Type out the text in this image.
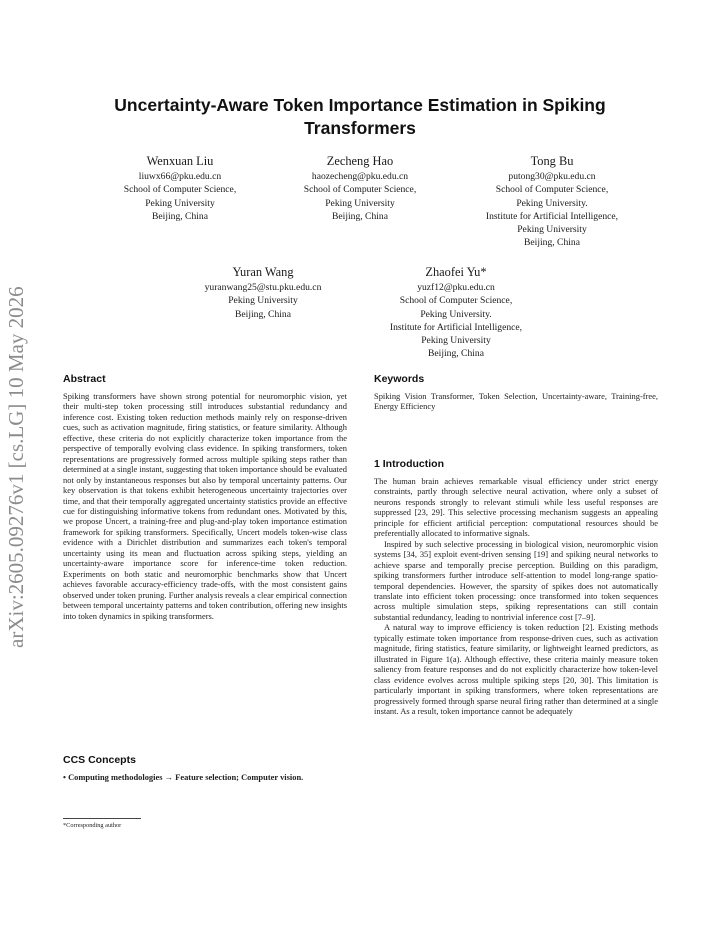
Uncertainty-Aware Token Importance Estimation in Spiking Transformers
Wenxuan Liu
liuwx66@pku.edu.cn
School of Computer Science,
Peking University
Beijing, China
Zecheng Hao
haozecheng@pku.edu.cn
School of Computer Science,
Peking University
Beijing, China
Tong Bu
putong30@pku.edu.cn
School of Computer Science,
Peking University.
Institute for Artificial Intelligence,
Peking University
Beijing, China
Yuran Wang
yuranwang25@stu.pku.edu.cn
Peking University
Beijing, China
Zhaofei Yu*
yuzf12@pku.edu.cn
School of Computer Science,
Peking University.
Institute for Artificial Intelligence,
Peking University
Beijing, China
arXiv:2605.09276v1 [cs.LG] 10 May 2026	Abstract

Spiking transformers have shown strong potential for neuromorphic vision, yet their multi-step token processing still introduces substantial redundancy and inference cost. Existing token reduction methods mainly rely on response-driven cues, such as activation magnitude, firing statistics, or feature similarity. Although effective, these criteria do not explicitly characterize token importance from the perspective of temporally evolving class evidence. In spiking transformers, token representations are progressively formed across multiple spiking steps rather than determined at a single instant, suggesting that token importance should be evaluated not only by instantaneous responses but also by temporal uncertainty patterns. Our key observation is that tokens exhibit heterogeneous uncertainty trajectories over time, and that their temporally aggregated uncertainty statistics provide an effective cue for distinguishing informative tokens from redundant ones. Motivated by this, we propose Uncert, a training-free and plug-and-play token importance estimation framework for spiking transformers. Specifically, Uncert models token-wise class evidence with a Dirichlet distribution and summarizes each token's temporal uncertainty using its mean and fluctuation across spiking steps, yielding an uncertainty-aware importance score for inference-time token reduction. Experiments on both static and neuromorphic benchmarks show that Uncert achieves favorable accuracy-efficiency trade-offs, with the most consistent gains observed under token pruning. Further analysis reveals a clear empirical connection between temporal uncertainty patterns and token contribution, offering new insights into token dynamics in spiking transformers.

CCS Concepts

• Computing methodologies → Feature selection; Computer vision.

*Corresponding author
Keywords

Spiking Vision Transformer, Token Selection, Uncertainty-aware, Training-free, Energy Efficiency

1 Introduction

The human brain achieves remarkable visual efficiency under strict energy constraints, partly through selective neural activation, where only a subset of neurons responds strongly to relevant stimuli while less useful responses are suppressed [23, 29]. This selective processing mechanism suggests an appealing principle for efficient artificial perception: computational resources should be preferentially allocated to informative signals.

Inspired by such selective processing in biological vision, neuromorphic vision systems [34, 35] exploit event-driven sensing [19] and spiking neural networks to achieve sparse and temporally precise perception. Building on this paradigm, spiking transformers further introduce self-attention to model long-range spatio-temporal dependencies. However, the sparsity of spikes does not automatically translate into efficient token processing: once transformed into token sequences across multiple simulation steps, spiking representations can still contain substantial redundancy, leading to nontrivial inference cost [7–9].

A natural way to improve efficiency is token reduction [2]. Existing methods typically estimate token importance from response-driven cues, such as activation magnitude, firing statistics, feature similarity, or lightweight learned predictors, as illustrated in Figure 1(a). Although effective, these criteria mainly measure token saliency from feature responses and do not explicitly characterize how token-level class evidence evolves across multiple spiking steps [20, 30]. This limitation is particularly important in spiking transformers, where token representations are progressively formed through sparse neural firing rather than determined at a single instant. As a result, token importance cannot be adequately
